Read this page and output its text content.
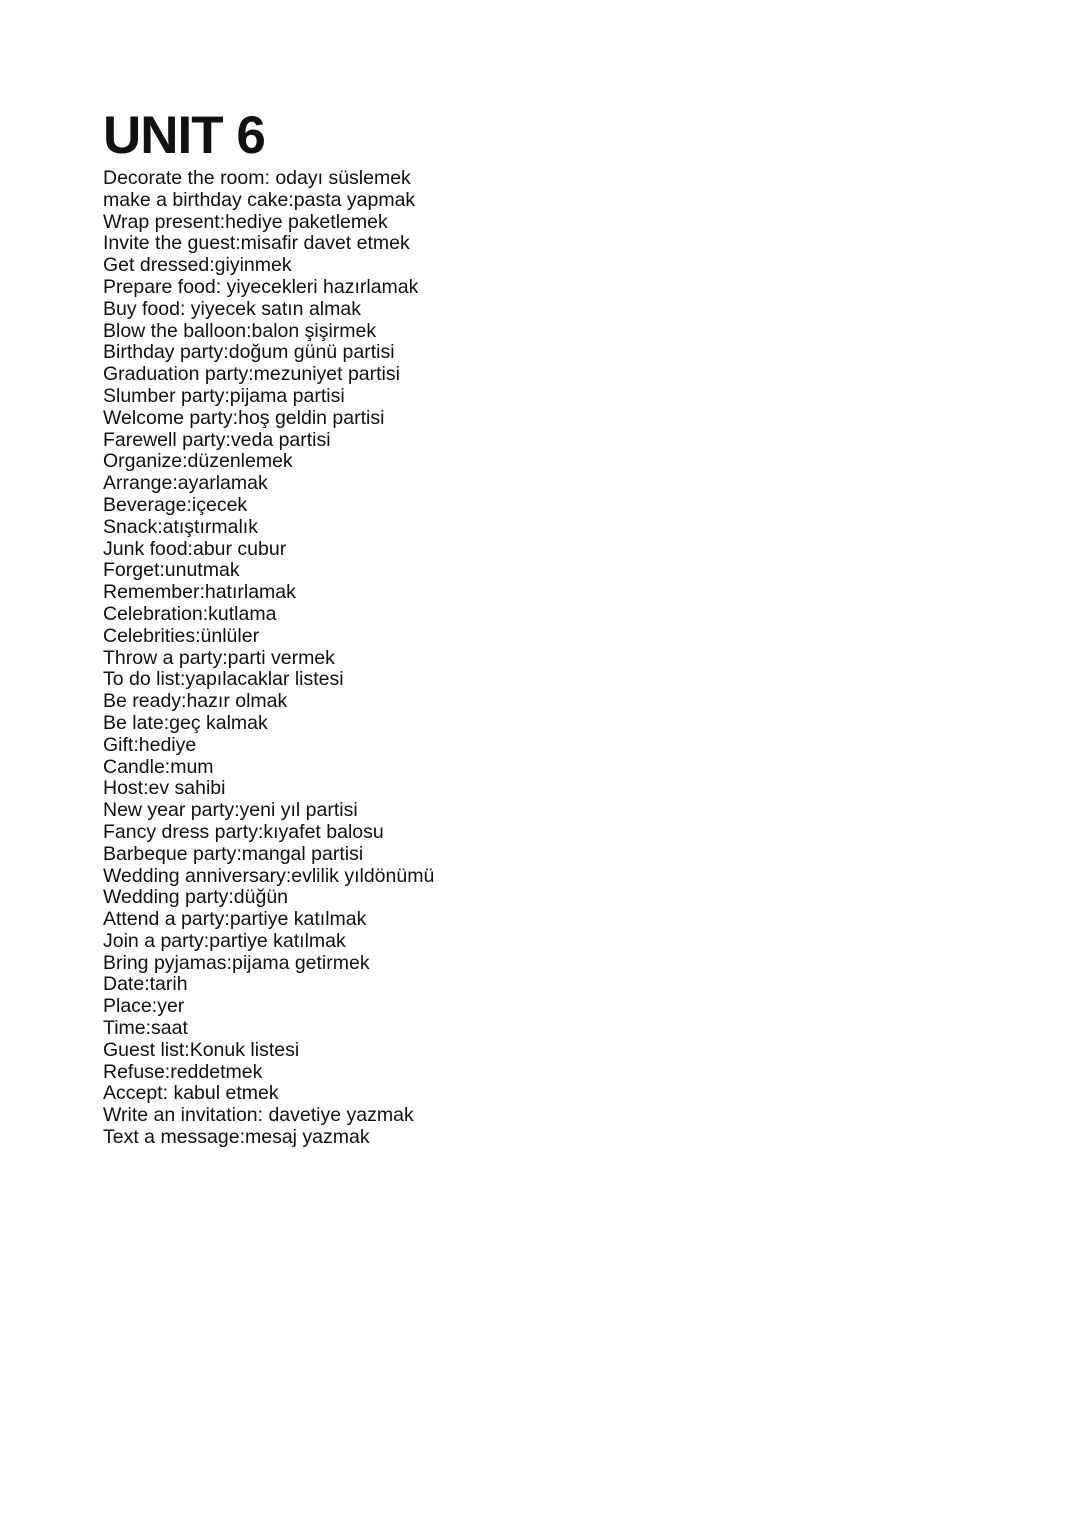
UNIT 6
Decorate the room: odayı süslemek
make a birthday cake:pasta yapmak
Wrap present:hediye paketlemek
Invite the guest:misafir davet etmek
Get dressed:giyinmek
Prepare food: yiyecekleri hazırlamak
Buy food: yiyecek satın almak
Blow the balloon:balon şişirmek
Birthday party:doğum günü partisi
Graduation party:mezuniyet partisi
Slumber party:pijama partisi
Welcome party:hoş geldin partisi
Farewell party:veda partisi
Organize:düzenlemek
Arrange:ayarlamak
Beverage:içecek
Snack:atıştırmalık
Junk food:abur cubur
Forget:unutmak
Remember:hatırlamak
Celebration:kutlama
Celebrities:ünlüler
Throw a party:parti vermek
To do list:yapılacaklar listesi
Be ready:hazır olmak
Be late:geç kalmak
Gift:hediye
Candle:mum
Host:ev sahibi
New year party:yeni yıl partisi
Fancy dress party:kıyafet balosu
Barbeque party:mangal partisi
Wedding anniversary:evlilik yıldönümü
Wedding party:düğün
Attend a party:partiye katılmak
Join a party:partiye katılmak
Bring pyjamas:pijama getirmek
Date:tarih
Place:yer
Time:saat
Guest list:Konuk listesi
Refuse:reddetmek
Accept: kabul etmek
Write an invitation: davetiye yazmak
Text a message:mesaj yazmak
